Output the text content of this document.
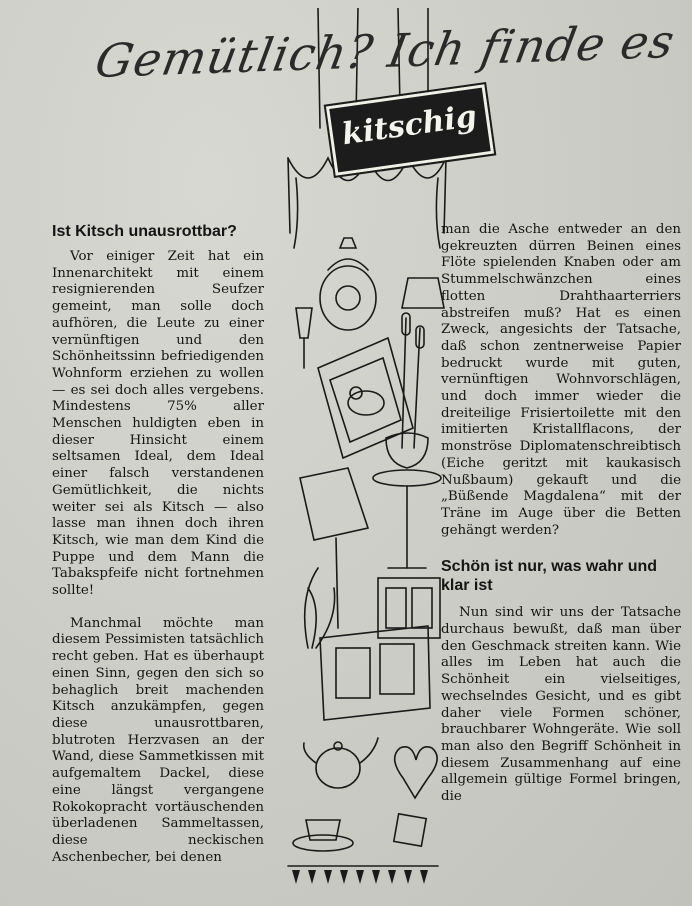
Gemütlich? Ich finde es
kitschig
Ist Kitsch unausrottbar?

Vor einiger Zeit hat ein Innenarchitekt mit einem resignierenden Seufzer gemeint, man solle doch aufhören, die Leute zu einer vernünftigen und den Schönheitssinn befriedigenden Wohnform erziehen zu wollen — es sei doch alles vergebens. Mindestens 75% aller Menschen huldigten eben in dieser Hinsicht einem seltsamen Ideal, dem Ideal einer falsch verstandenen Gemütlichkeit, die nichts weiter sei als Kitsch — also lasse man ihnen doch ihren Kitsch, wie man dem Kind die Puppe und dem Mann die Tabakspfeife nicht fortnehmen sollte!

Manchmal möchte man diesem Pessimisten tatsächlich recht geben. Hat es überhaupt einen Sinn, gegen den sich so behaglich breit machenden Kitsch anzukämpfen, gegen diese unausrottbaren, blutroten Herzvasen an der Wand, diese Sammetkissen mit aufgemaltem Dackel, diese eine längst vergangene Rokokopracht vortäuschenden überladenen Sammeltassen, diese neckischen Aschenbecher, bei denen

man die Asche entweder an den gekreuzten dürren Beinen eines Flöte spielenden Knaben oder am Stummelschwänzchen eines flotten Drahthaarterriers abstreifen muß? Hat es einen Zweck, angesichts der Tatsache, daß schon zentnerweise Papier bedruckt wurde mit guten, vernünftigen Wohnvorschlägen, und doch immer wieder die dreiteilige Frisiertoilette mit den imitierten Kristallflacons, der monströse Diplomatenschreibtisch (Eiche geritzt mit kaukasisch Nußbaum) gekauft und die „Büßende Magdalena“ mit der Träne im Auge über die Betten gehängt werden?

Schön ist nur, was wahr und klar ist

Nun sind wir uns der Tatsache durchaus bewußt, daß man über den Geschmack streiten kann. Wie alles im Leben hat auch die Schönheit ein vielseitiges, wechselndes Gesicht, und es gibt daher viele Formen schöner, brauchbarer Wohngeräte. Wie soll man also den Begriff Schönheit in diesem Zusammenhang auf eine allgemein gültige Formel bringen, die
